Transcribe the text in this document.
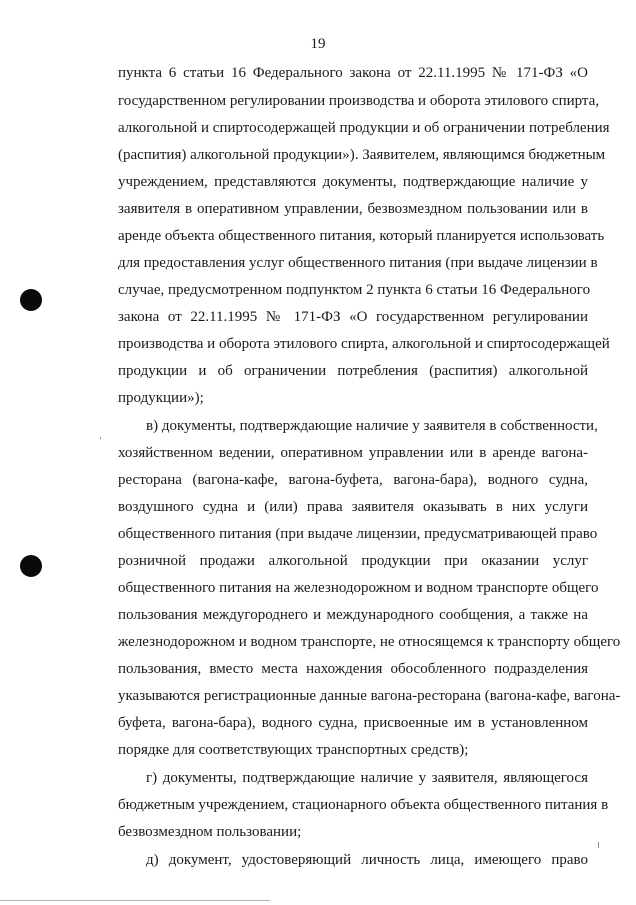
19
пункта 6 статьи 16 Федерального закона от 22.11.1995 № 171-ФЗ «О
государственном регулировании производства и оборота этилового спирта,
алкогольной и спиртосодержащей продукции и об ограничении потребления
(распития) алкогольной продукции»). Заявителем, являющимся бюджетным
учреждением, представляются документы, подтверждающие наличие у
заявителя в оперативном управлении, безвозмездном пользовании или в
аренде объекта общественного питания, который планируется использовать
для предоставления услуг общественного питания (при выдаче лицензии в
случае, предусмотренном подпунктом 2 пункта 6 статьи 16 Федерального
закона от 22.11.1995 № 171-ФЗ «О государственном регулировании
производства и оборота этилового спирта, алкогольной и спиртосодержащей
продукции и об ограничении потребления (распития) алкогольной
продукции»);
в) документы, подтверждающие наличие у заявителя в собственности,
хозяйственном ведении, оперативном управлении или в аренде вагона-
ресторана (вагона-кафе, вагона-буфета, вагона-бара), водного судна,
воздушного судна и (или) права заявителя оказывать в них услуги
общественного питания (при выдаче лицензии, предусматривающей право
розничной продажи алкогольной продукции при оказании услуг
общественного питания на железнодорожном и водном транспорте общего
пользования междугороднего и международного сообщения, а также на
железнодорожном и водном транспорте, не относящемся к транспорту общего
пользования, вместо места нахождения обособленного подразделения
указываются регистрационные данные вагона-ресторана (вагона-кафе, вагона-
буфета, вагона-бара), водного судна, присвоенные им в установленном
порядке для соответствующих транспортных средств);
г) документы, подтверждающие наличие у заявителя, являющегося
бюджетным учреждением, стационарного объекта общественного питания в
безвозмездном пользовании;
д) документ, удостоверяющий личность лица, имеющего право
